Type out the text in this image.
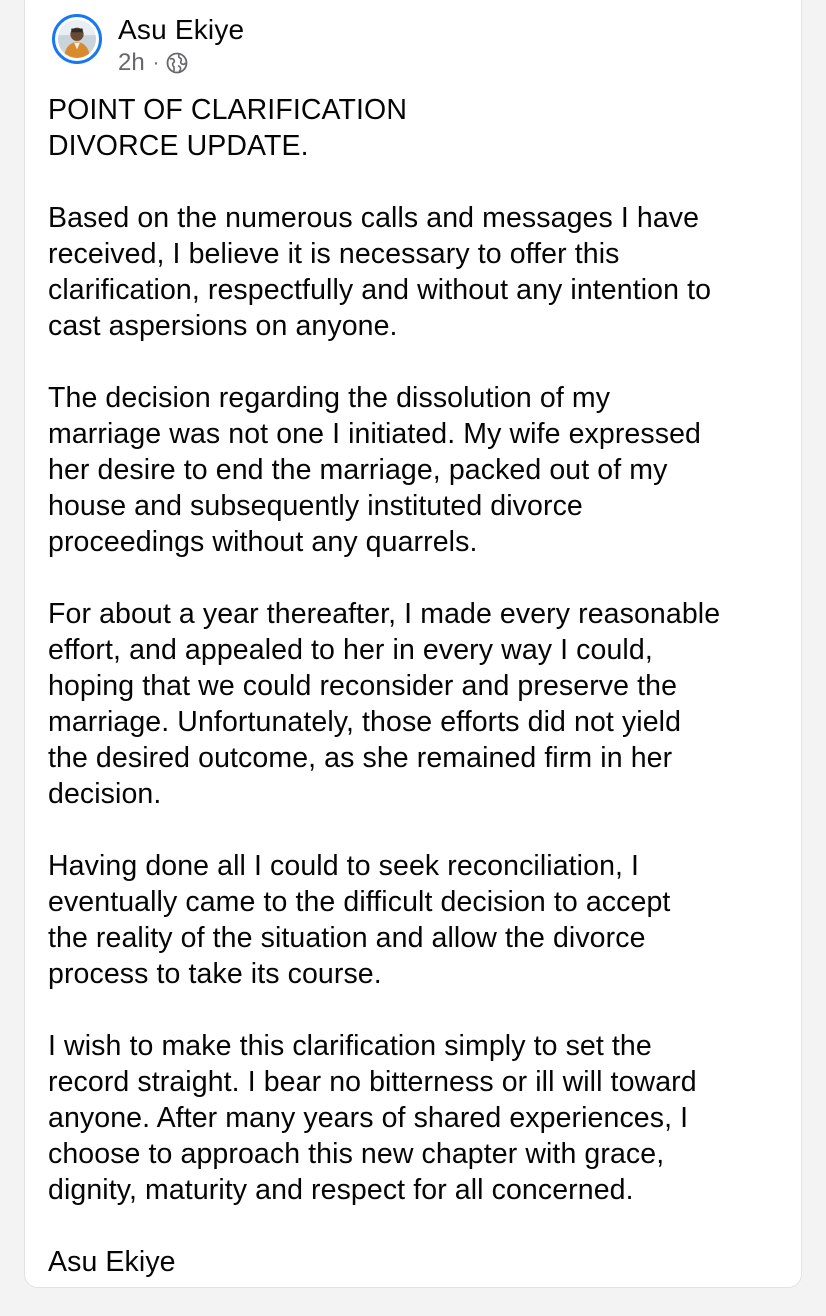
Asu Ekiye
2h ·
POINT OF CLARIFICATION
DIVORCE UPDATE.
Based on the numerous calls and messages I have
received, I believe it is necessary to offer this
clarification, respectfully and without any intention to
cast aspersions on anyone.
The decision regarding the dissolution of my
marriage was not one I initiated. My wife expressed
her desire to end the marriage, packed out of my
house and subsequently instituted divorce
proceedings without any quarrels.
For about a year thereafter, I made every reasonable
effort, and appealed to her in every way I could,
hoping that we could reconsider and preserve the
marriage. Unfortunately, those efforts did not yield
the desired outcome, as she remained firm in her
decision.
Having done all I could to seek reconciliation, I
eventually came to the difficult decision to accept
the reality of the situation and allow the divorce
process to take its course.
I wish to make this clarification simply to set the
record straight. I bear no bitterness or ill will toward
anyone. After many years of shared experiences, I
choose to approach this new chapter with grace,
dignity, maturity and respect for all concerned.
Asu Ekiye
